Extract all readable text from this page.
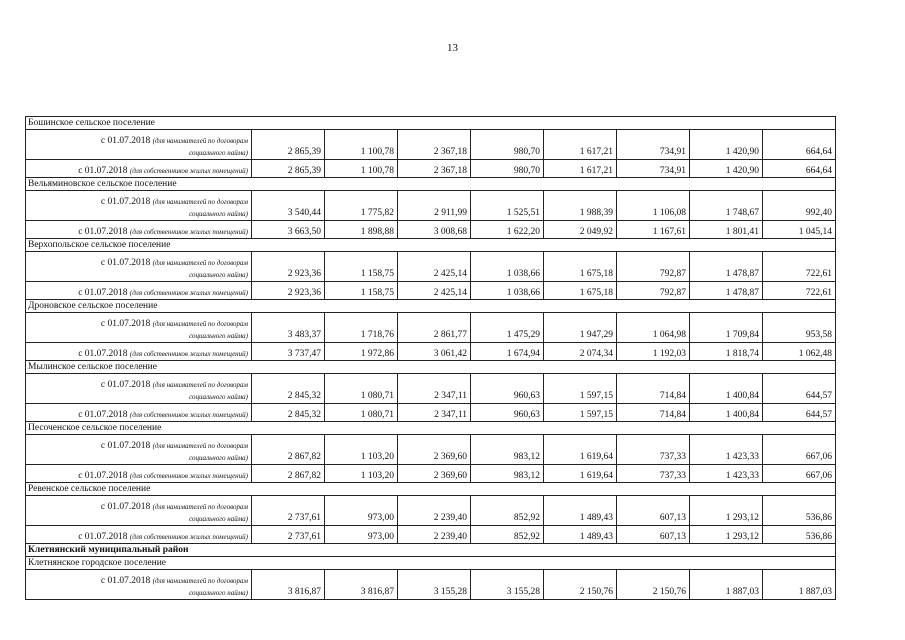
13
Бошинское сельское поселение								
с 01.07.2018 (для нанимателей по договорам
социального найма)	2 865,39	1 100,78	2 367,18	980,70	1 617,21	734,91	1 420,90	664,64
с 01.07.2018 (для собственников жилых помещений)	2 865,39	1 100,78	2 367,18	980,70	1 617,21	734,91	1 420,90	664,64
Вельяминовское сельское поселение								
с 01.07.2018 (для нанимателей по договорам
социального найма)	3 540,44	1 775,82	2 911,99	1 525,51	1 988,39	1 106,08	1 748,67	992,40
с 01.07.2018 (для собственников жилых помещений)	3 663,50	1 898,88	3 008,68	1 622,20	2 049,92	1 167,61	1 801,41	1 045,14
Верхопольское сельское поселение								
с 01.07.2018 (для нанимателей по договорам
социального найма)	2 923,36	1 158,75	2 425,14	1 038,66	1 675,18	792,87	1 478,87	722,61
с 01.07.2018 (для собственников жилых помещений)	2 923,36	1 158,75	2 425,14	1 038,66	1 675,18	792,87	1 478,87	722,61
Дроновское сельское поселение								
с 01.07.2018 (для нанимателей по договорам
социального найма)	3 483,37	1 718,76	2 861,77	1 475,29	1 947,29	1 064,98	1 709,84	953,58
с 01.07.2018 (для собственников жилых помещений)	3 737,47	1 972,86	3 061,42	1 674,94	2 074,34	1 192,03	1 818,74	1 062,48
Мылинское сельское поселение								
с 01.07.2018 (для нанимателей по договорам
социального найма)	2 845,32	1 080,71	2 347,11	960,63	1 597,15	714,84	1 400,84	644,57
с 01.07.2018 (для собственников жилых помещений)	2 845,32	1 080,71	2 347,11	960,63	1 597,15	714,84	1 400,84	644,57
Песоченское сельское поселение								
с 01.07.2018 (для нанимателей по договорам
социального найма)	2 867,82	1 103,20	2 369,60	983,12	1 619,64	737,33	1 423,33	667,06
с 01.07.2018 (для собственников жилых помещений)	2 867,82	1 103,20	2 369,60	983,12	1 619,64	737,33	1 423,33	667,06
Ревенское сельское поселение								
с 01.07.2018 (для нанимателей по договорам
социального найма)	2 737,61	973,00	2 239,40	852,92	1 489,43	607,13	1 293,12	536,86
с 01.07.2018 (для собственников жилых помещений)	2 737,61	973,00	2 239,40	852,92	1 489,43	607,13	1 293,12	536,86
Клетнянский муниципальный район								
Клетнянское городское поселение								
с 01.07.2018 (для нанимателей по договорам
социального найма)	3 816,87	3 816,87	3 155,28	3 155,28	2 150,76	2 150,76	1 887,03	1 887,03
